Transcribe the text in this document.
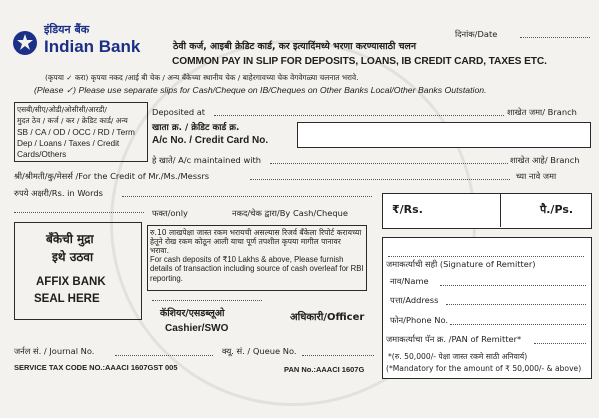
इंडियन बैंक
Indian Bank
दिनांक/Date
ठेवी कर्ज, आइबी क्रेडिट कार्ड, कर इत्यादिंमध्ये भरणा करण्यासाठी चलन
COMMON PAY IN SLIP FOR DEPOSITS, LOANS, IB CREDIT CARD, TAXES ETC.
(कृपया ✓ करा) कृपया नकद /आई बी चेक / अन्य बँकेच्या स्थानीय चेक / बाहेरगावच्या चेक वेगवेगळ्या चलनात भरावे.
(Please ✓) Please use separate slips for Cash/Cheque on IB/Cheques on Other Banks Local/Other Banks Outstation.
एसबी/सीए/ओडी/ओसीसी/आरडी/
मुदत ठेव / कर्ज / कर / क्रेडिट कार्ड/ अन्य
SB / CA / OD / OCC / RD / Term
Dep / Loans / Taxes / Credit
Cards/Others
Deposited at	शाखेत जमा/ Branch
खाता क्र. / क्रेडिट कार्ड क्र.
A/c No. / Credit Card No.
हे खाते/ A/c maintained with	शाखेत आहे/ Branch
श्री/श्रीमती/कु/मेसर्स /For the Credit of Mr./Ms./Messrs	च्या नावे जमा
रुपये अक्षरी/Rs. in Words
फक्त/only	नकद/चेक द्वारा/By Cash/Cheque	₹/Rs.	पै./Ps.
बँकेची मुद्रा
इथे उठवा
AFFIX BANK
SEAL HERE
रु.10 लाखपेक्षा जास्त रकम भरायची असल्यास रिजर्व बँकेला रिपोर्ट करायच्या हेतूने रोख रकम कोठून आली याचा पूर्ण तपशील कृपया मागील पानावर भरावा.
For cash deposits of ₹10 Lakhs & above, Please furnish details of transaction including source of cash overleaf for RBI reporting.
कॅशियर/एसडब्लूओ
Cashier/SWO
अधिकारी/Officer
जमाकर्त्याची सही (Signature of Remitter)
नाव/Name
पत्ता/Address
फोन/Phone No.
जमाकर्त्याचा पॅन क्र. /PAN of Remitter*
*(रु. 50,000/- पेक्षा जास्त रकमे साठी अनिवार्य)
(*Mandatory for the amount of ₹ 50,000/- & above)
जर्नल सं. / Journal No.	क्यू. सं. / Queue No.
SERVICE TAX CODE NO.:AAACI 1607GST 005	PAN No.:AAACI 1607G
